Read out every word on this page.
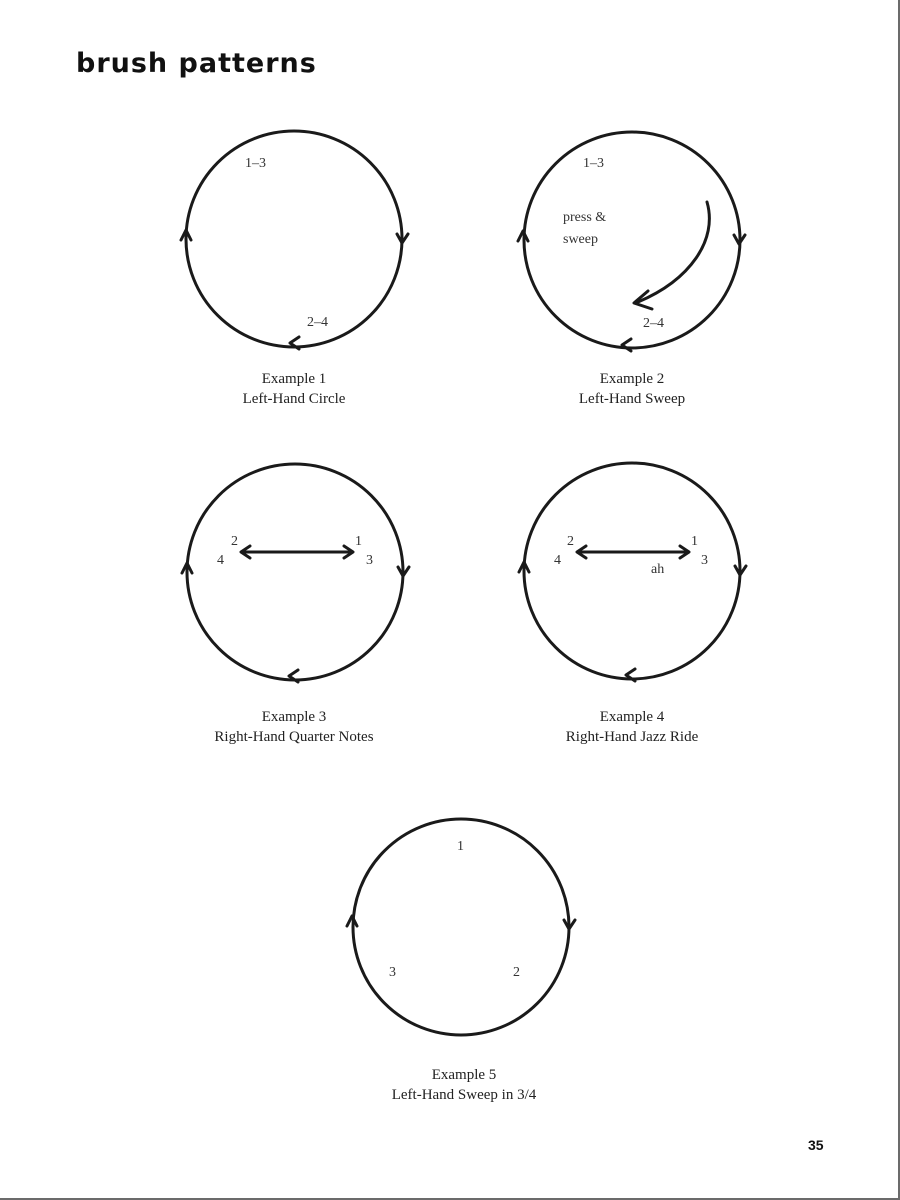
brush patterns
1–3
2–4
1–3
press &
sweep
2–4
2
4
1
3
2
4
1
3
ah
1
3	2
Example 1
Left-Hand Circle
Example 2
Left-Hand Sweep
Example 3
Right-Hand Quarter Notes
Example 4
Right-Hand Jazz Ride
Example 5
Left-Hand Sweep in 3/4
35
